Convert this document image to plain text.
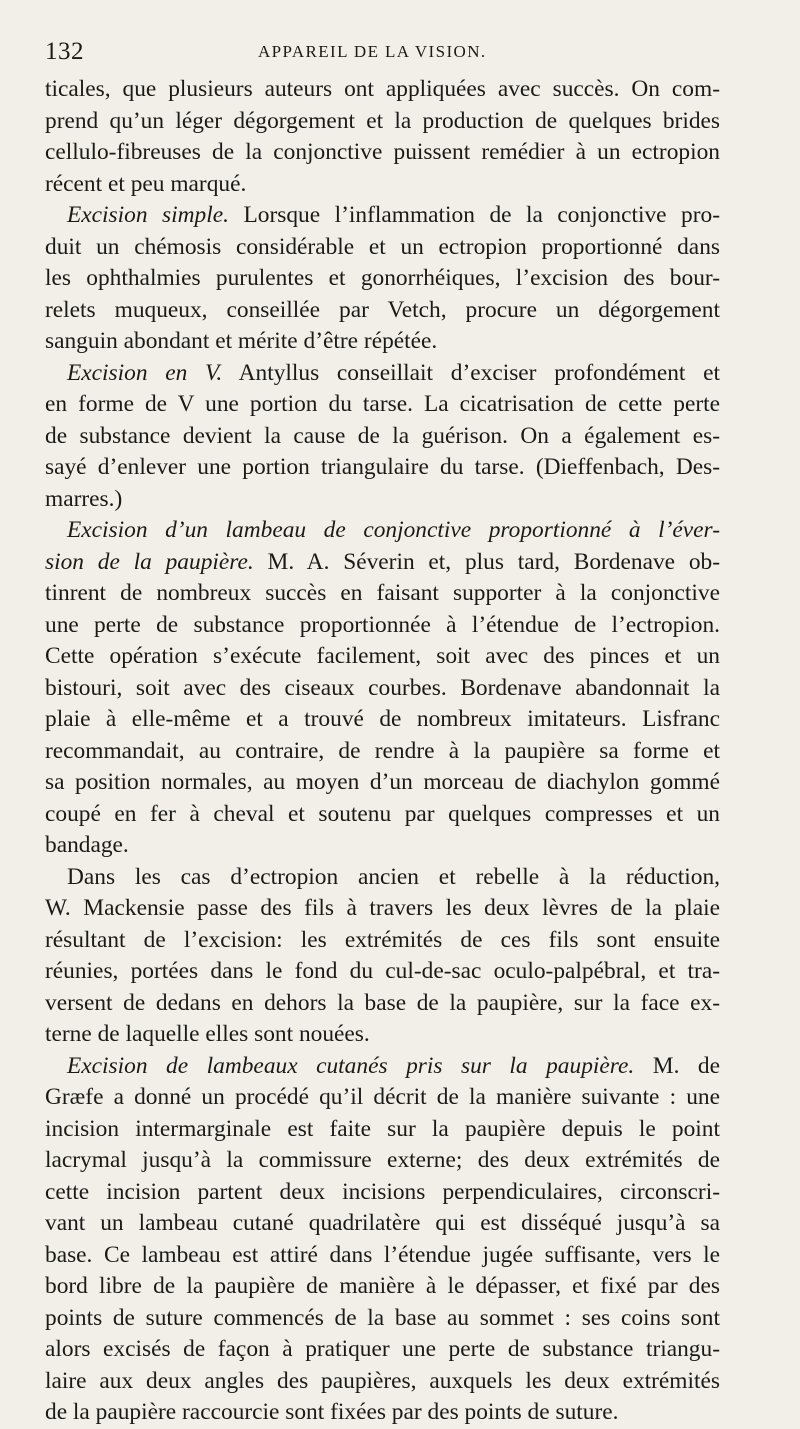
132	APPAREIL DE LA VISION.
ticales, que plusieurs auteurs ont appliquées avec succès. On com-
prend qu’un léger dégorgement et la production de quelques brides
cellulo-fibreuses de la conjonctive puissent remédier à un ectropion
récent et peu marqué.
Excision simple. Lorsque l’inflammation de la conjonctive pro-
duit un chémosis considérable et un ectropion proportionné dans
les ophthalmies purulentes et gonorrhéiques, l’excision des bour-
relets muqueux, conseillée par Vetch, procure un dégorgement
sanguin abondant et mérite d’être répétée.
Excision en V. Antyllus conseillait d’exciser profondément et
en forme de V une portion du tarse. La cicatrisation de cette perte
de substance devient la cause de la guérison. On a également es-
sayé d’enlever une portion triangulaire du tarse. (Dieffenbach, Des-
marres.)
Excision d’un lambeau de conjonctive proportionné à l’éver-
sion de la paupière. M. A. Séverin et, plus tard, Bordenave ob-
tinrent de nombreux succès en faisant supporter à la conjonctive
une perte de substance proportionnée à l’étendue de l’ectropion.
Cette opération s’exécute facilement, soit avec des pinces et un
bistouri, soit avec des ciseaux courbes. Bordenave abandonnait la
plaie à elle-même et a trouvé de nombreux imitateurs. Lisfranc
recommandait, au contraire, de rendre à la paupière sa forme et
sa position normales, au moyen d’un morceau de diachylon gommé
coupé en fer à cheval et soutenu par quelques compresses et un
bandage.
Dans les cas d’ectropion ancien et rebelle à la réduction,
W. Mackensie passe des fils à travers les deux lèvres de la plaie
résultant de l’excision: les extrémités de ces fils sont ensuite
réunies, portées dans le fond du cul-de-sac oculo-palpébral, et tra-
versent de dedans en dehors la base de la paupière, sur la face ex-
terne de laquelle elles sont nouées.
Excision de lambeaux cutanés pris sur la paupière. M. de
Græfe a donné un procédé qu’il décrit de la manière suivante : une
incision intermarginale est faite sur la paupière depuis le point
lacrymal jusqu’à la commissure externe; des deux extrémités de
cette incision partent deux incisions perpendiculaires, circonscri-
vant un lambeau cutané quadrilatère qui est disséqué jusqu’à sa
base. Ce lambeau est attiré dans l’étendue jugée suffisante, vers le
bord libre de la paupière de manière à le dépasser, et fixé par des
points de suture commencés de la base au sommet : ses coins sont
alors excisés de façon à pratiquer une perte de substance triangu-
laire aux deux angles des paupières, auxquels les deux extrémités
de la paupière raccourcie sont fixées par des points de suture.
